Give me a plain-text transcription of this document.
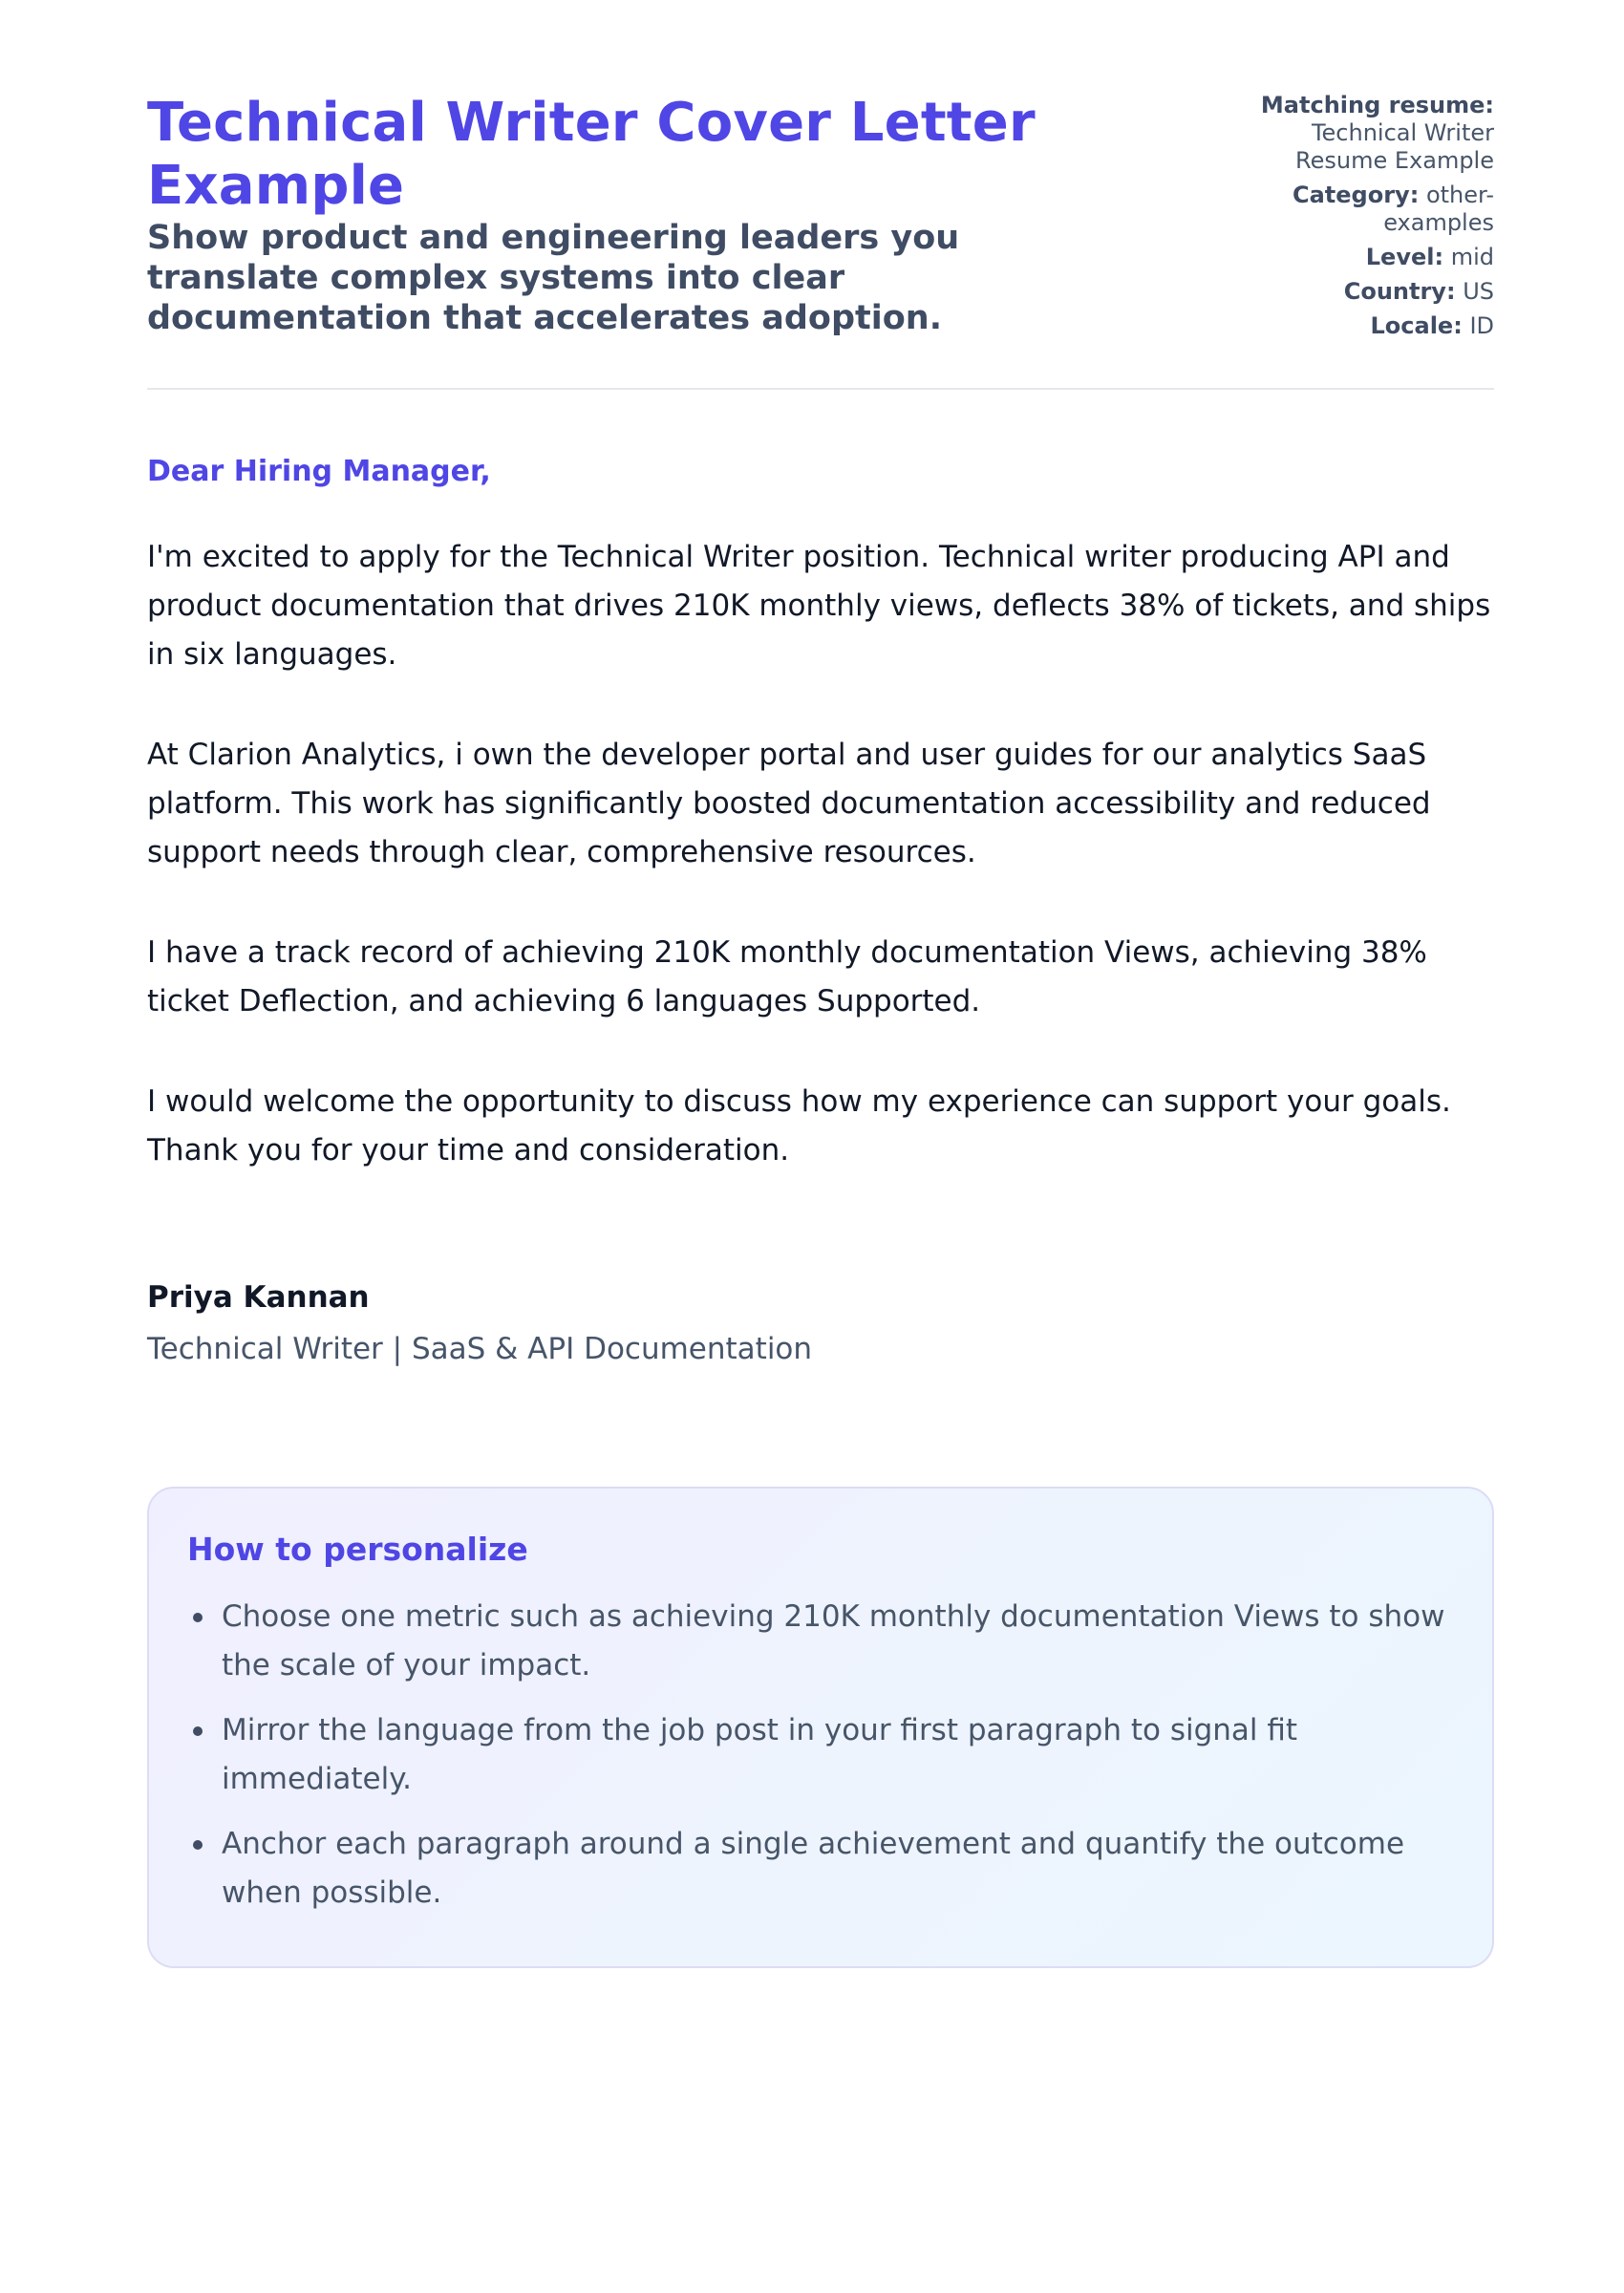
Technical Writer Cover Letter Example
Show product and engineering leaders you translate complex systems into clear documentation that accelerates adoption.
Matching resume: Technical Writer Resume Example
Category: other-examples
Level: mid
Country: US
Locale: ID

Dear Hiring Manager,

I'm excited to apply for the Technical Writer position. Technical writer producing API and product documentation that drives 210K monthly views, deflects 38% of tickets, and ships in six languages.

At Clarion Analytics, i own the developer portal and user guides for our analytics SaaS platform. This work has significantly boosted documentation accessibility and reduced support needs through clear, comprehensive resources.

I have a track record of achieving 210K monthly documentation Views, achieving 38% ticket Deflection, and achieving 6 languages Supported.

I would welcome the opportunity to discuss how my experience can support your goals. Thank you for your time and consideration.

Priya Kannan

Technical Writer | SaaS & API Documentation

How to personalize
Choose one metric such as achieving 210K monthly documentation Views to show the scale of your impact.
Mirror the language from the job post in your first paragraph to signal fit immediately.
Anchor each paragraph around a single achievement and quantify the outcome when possible.
